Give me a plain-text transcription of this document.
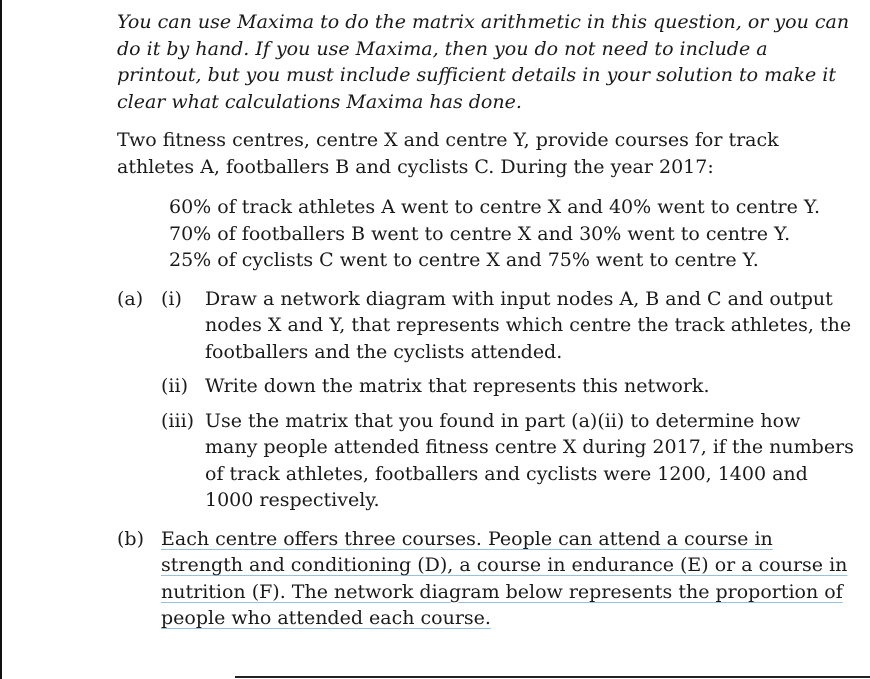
You can use Maxima to do the matrix arithmetic in this question, or you can do it by hand. If you use Maxima, then you do not need to include a printout, but you must include sufficient details in your solution to make it clear what calculations Maxima has done.

Two fitness centres, centre X and centre Y, provide courses for track athletes A, footballers B and cyclists C. During the year 2017:

60% of track athletes A went to centre X and 40% went to centre Y.

70% of footballers B went to centre X and 30% went to centre Y.

25% of cyclists C went to centre X and 75% went to centre Y.

(a) (i)	Draw a network diagram with input nodes A, B and C and output nodes X and Y, that represents which centre the track athletes, the footballers and the cyclists attended.
(ii) Write down the matrix that represents this network.
(iii) Use the matrix that you found in part (a)(ii) to determine how many people attended fitness centre X during 2017, if the numbers of track athletes, footballers and cyclists were 1200, 1400 and 1000 respectively.
(b) Each centre offers three courses. People can attend a course in strength and conditioning (D), a course in endurance (E) or a course in nutrition (F). The network diagram below represents the proportion of people who attended each course.
